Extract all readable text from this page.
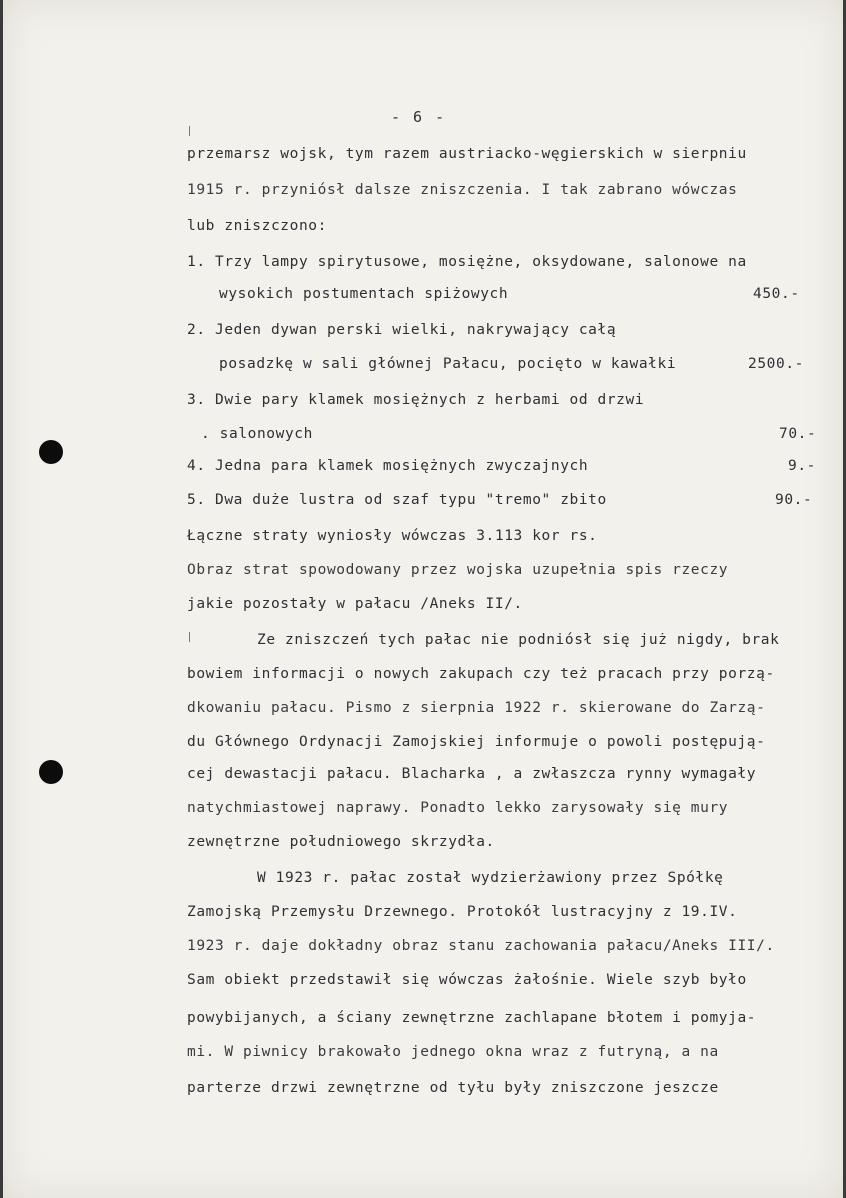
- 6 -
przemarsz wojsk, tym razem austriacko-węgierskich w sierpniu
1915 r. przyniósł dalsze zniszczenia. I tak zabrano wówczas
lub zniszczono:
1. Trzy lampy spirytusowe, mosiężne, oksydowane, salonowe na
wysokich postumentach spiżowych	450.-
2. Jeden dywan perski wielki, nakrywający całą
posadzkę w sali głównej Pałacu, pocięto w kawałki	2500.-
3. Dwie pary klamek mosiężnych z herbami od drzwi
. salonowych	70.-
4. Jedna para klamek mosiężnych zwyczajnych	9.-
5. Dwa duże lustra od szaf typu "tremo" zbito	90.-
Łączne straty wyniosły wówczas 3.113 kor rs.
Obraz strat spowodowany przez wojska uzupełnia spis rzeczy
jakie pozostały w pałacu /Aneks II/.
Ze zniszczeń tych pałac nie podniósł się już nigdy, brak
bowiem informacji o nowych zakupach czy też pracach przy porzą-
dkowaniu pałacu. Pismo z sierpnia 1922 r. skierowane do Zarzą-
du Głównego Ordynacji Zamojskiej informuje o powoli postępują-
cej dewastacji pałacu. Blacharka , a zwłaszcza rynny wymagały
natychmiastowej naprawy. Ponadto lekko zarysowały się mury
zewnętrzne południowego skrzydła.
W 1923 r. pałac został wydzierżawiony przez Spółkę
Zamojską Przemysłu Drzewnego. Protokół lustracyjny z 19.IV.
1923 r. daje dokładny obraz stanu zachowania pałacu/Aneks III/.
Sam obiekt przedstawił się wówczas żałośnie. Wiele szyb było
powybijanych, a ściany zewnętrzne zachlapane błotem i pomyja-
mi. W piwnicy brakowało jednego okna wraz z futryną, a na
parterze drzwi zewnętrzne od tyłu były zniszczone jeszcze
